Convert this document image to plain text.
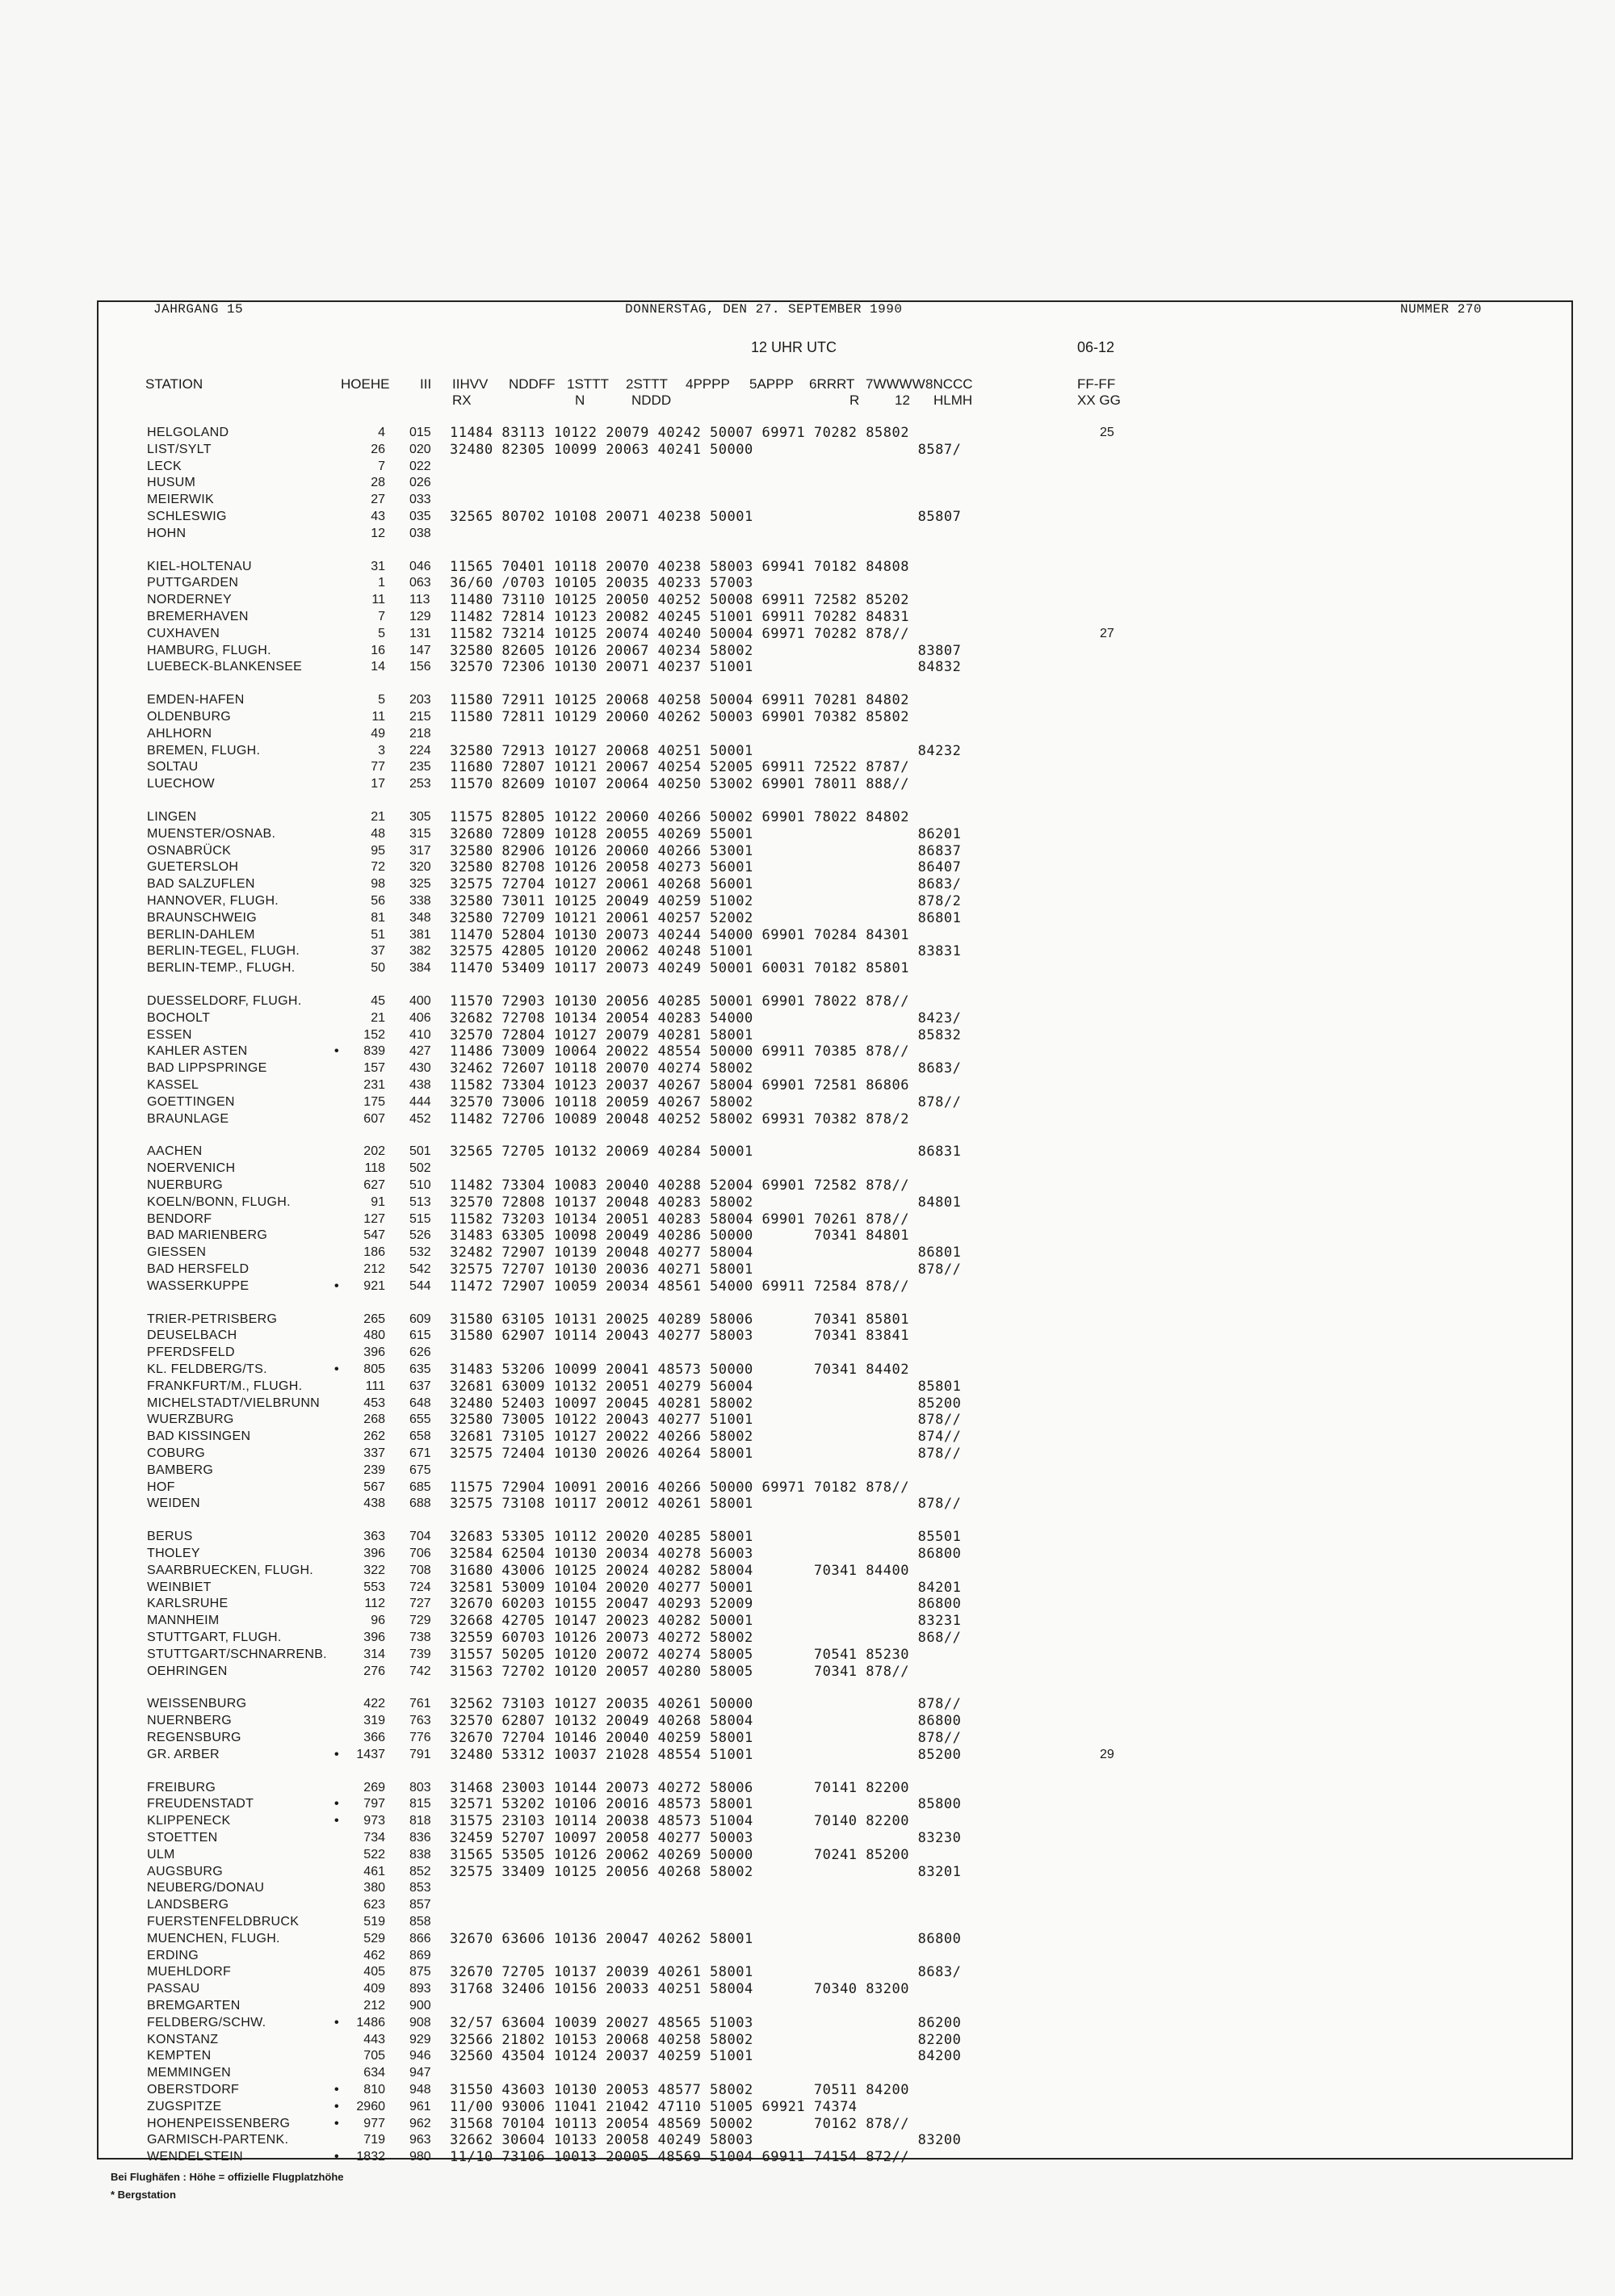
JAHRGANG 15	DONNERSTAG, DEN 27. SEPTEMBER 1990	NUMMER 270
12 UHR UTC	06-12
STATION	HOEHE III IIHVV NDDFF 1STTT 2STTT 4PPPP 5APPP 6RRRT 7WWWW 8NCCC	FF-FF
RX	N	NDDD	R	12 HLMH	XX GG
HELGOLAND	4 015 11484 83113 10122 20079 40242 50007 69971 70282 85802	25
LIST/SYLT	26 020 32480 82305 10099 20063 40241 50000                   8587/
LECK	7 022
HUSUM	28 026
MEIERWIK	27 033
SCHLESWIG	43 035 32565 80702 10108 20071 40238 50001                   85807
HOHN	12 038
KIEL-HOLTENAU	31 046 11565 70401 10118 20070 40238 58003 69941 70182 84808
PUTTGARDEN	1 063 36/60 /0703 10105 20035 40233 57003
NORDERNEY	11 113 11480 73110 10125 20050 40252 50008 69911 72582 85202
BREMERHAVEN	7 129 11482 72814 10123 20082 40245 51001 69911 70282 84831
CUXHAVEN	5 131 11582 73214 10125 20074 40240 50004 69971 70282 878//	27
HAMBURG, FLUGH.	16 147 32580 82605 10126 20067 40234 58002                   83807
LUEBECK-BLANKENSEE	14 156 32570 72306 10130 20071 40237 51001                   84832
EMDEN-HAFEN	5 203 11580 72911 10125 20068 40258 50004 69911 70281 84802
OLDENBURG	11 215 11580 72811 10129 20060 40262 50003 69901 70382 85802
AHLHORN	49 218
BREMEN, FLUGH.	3 224 32580 72913 10127 20068 40251 50001                   84232
SOLTAU	77 235 11680 72807 10121 20067 40254 52005 69911 72522 8787/
LUECHOW	17 253 11570 82609 10107 20064 40250 53002 69901 78011 888//
LINGEN	21 305 11575 82805 10122 20060 40266 50002 69901 78022 84802
MUENSTER/OSNAB.	48 315 32680 72809 10128 20055 40269 55001                   86201
OSNABRÜCK	95 317 32580 82906 10126 20060 40266 53001                   86837
GUETERSLOH	72 320 32580 82708 10126 20058 40273 56001                   86407
BAD SALZUFLEN	98 325 32575 72704 10127 20061 40268 56001                   8683/
HANNOVER, FLUGH.	56 338 32580 73011 10125 20049 40259 51002                   878/2
BRAUNSCHWEIG	81 348 32580 72709 10121 20061 40257 52002                   86801
BERLIN-DAHLEM	51 381 11470 52804 10130 20073 40244 54000 69901 70284 84301
BERLIN-TEGEL, FLUGH.	37 382 32575 42805 10120 20062 40248 51001                   83831
BERLIN-TEMP., FLUGH.	50 384 11470 53409 10117 20073 40249 50001 60031 70182 85801
DUESSELDORF, FLUGH.	45 400 11570 72903 10130 20056 40285 50001 69901 78022 878//
BOCHOLT	21 406 32682 72708 10134 20054 40283 54000                   8423/
ESSEN	152 410 32570 72804 10127 20079 40281 58001                   85832
KAHLER ASTEN	•	839 427 11486 73009 10064 20022 48554 50000 69911 70385 878//
BAD LIPPSPRINGE	157 430 32462 72607 10118 20070 40274 58002                   8683/
KASSEL	231 438 11582 73304 10123 20037 40267 58004 69901 72581 86806
GOETTINGEN	175 444 32570 73006 10118 20059 40267 58002                   878//
BRAUNLAGE	607 452 11482 72706 10089 20048 40252 58002 69931 70382 878/2
AACHEN	202 501 32565 72705 10132 20069 40284 50001                   86831
NOERVENICH	118 502
NUERBURG	627 510 11482 73304 10083 20040 40288 52004 69901 72582 878//
KOELN/BONN, FLUGH.	91 513 32570 72808 10137 20048 40283 58002                   84801
BENDORF	127 515 11582 73203 10134 20051 40283 58004 69901 70261 878//
BAD MARIENBERG	547 526 31483 63305 10098 20049 40286 50000       70341 84801
GIESSEN	186 532 32482 72907 10139 20048 40277 58004                   86801
BAD HERSFELD	212 542 32575 72707 10130 20036 40271 58001                   878//
WASSERKUPPE	•	921 544 11472 72907 10059 20034 48561 54000 69911 72584 878//
TRIER-PETRISBERG	265 609 31580 63105 10131 20025 40289 58006       70341 85801
DEUSELBACH	480 615 31580 62907 10114 20043 40277 58003       70341 83841
PFERDSFELD	396 626
KL. FELDBERG/TS.	•	805 635 31483 53206 10099 20041 48573 50000       70341 84402
FRANKFURT/M., FLUGH.	111 637 32681 63009 10132 20051 40279 56004                   85801
MICHELSTADT/VIELBRUNN	453 648 32480 52403 10097 20045 40281 58002                   85200
WUERZBURG	268 655 32580 73005 10122 20043 40277 51001                   878//
BAD KISSINGEN	262 658 32681 73105 10127 20022 40266 58002                   874//
COBURG	337 671 32575 72404 10130 20026 40264 58001                   878//
BAMBERG	239 675
HOF	567 685 11575 72904 10091 20016 40266 50000 69971 70182 878//
WEIDEN	438 688 32575 73108 10117 20012 40261 58001                   878//
BERUS	363 704 32683 53305 10112 20020 40285 58001                   85501
THOLEY	396 706 32584 62504 10130 20034 40278 56003                   86800
SAARBRUECKEN, FLUGH.	322 708 31680 43006 10125 20024 40282 58004       70341 84400
WEINBIET	553 724 32581 53009 10104 20020 40277 50001                   84201
KARLSRUHE	112 727 32670 60203 10155 20047 40293 52009                   86800
MANNHEIM	96 729 32668 42705 10147 20023 40282 50001                   83231
STUTTGART, FLUGH.	396 738 32559 60703 10126 20073 40272 58002                   868//
STUTTGART/SCHNARRENB.	314 739 31557 50205 10120 20072 40274 58005       70541 85230
OEHRINGEN	276 742 31563 72702 10120 20057 40280 58005       70341 878//
WEISSENBURG	422 761 32562 73103 10127 20035 40261 50000                   878//
NUERNBERG	319 763 32570 62807 10132 20049 40268 58004                   86800
REGENSBURG	366 776 32670 72704 10146 20040 40259 58001                   878//
GR. ARBER	• 1437 791 32480 53312 10037 21028 48554 51001                   85200	29
FREIBURG	269 803 31468 23003 10144 20073 40272 58006       70141 82200
FREUDENSTADT	•	797 815 32571 53202 10106 20016 48573 58001                   85800
KLIPPENECK	•	973 818 31575 23103 10114 20038 48573 51004       70140 82200
STOETTEN	734 836 32459 52707 10097 20058 40277 50003                   83230
ULM	522 838 31565 53505 10126 20062 40269 50000       70241 85200
AUGSBURG	461 852 32575 33409 10125 20056 40268 58002                   83201
NEUBERG/DONAU	380 853
LANDSBERG	623 857
FUERSTENFELDBRUCK	519 858
MUENCHEN, FLUGH.	529 866 32670 63606 10136 20047 40262 58001                   86800
ERDING	462 869
MUEHLDORF	405 875 32670 72705 10137 20039 40261 58001                   8683/
PASSAU	409 893 31768 32406 10156 20033 40251 58004       70340 83200
BREMGARTEN	212 900
FELDBERG/SCHW.	• 1486 908 32/57 63604 10039 20027 48565 51003                   86200
KONSTANZ	443 929 32566 21802 10153 20068 40258 58002                   82200
KEMPTEN	705 946 32560 43504 10124 20037 40259 51001                   84200
MEMMINGEN	634 947
OBERSTDORF	•	810 948 31550 43603 10130 20053 48577 58002       70511 84200
ZUGSPITZE	• 2960 961 11/00 93006 11041 21042 47110 51005 69921 74374
HOHENPEISSENBERG	•	977 962 31568 70104 10113 20054 48569 50002       70162 878//
GARMISCH-PARTENK.	719 963 32662 30604 10133 20058 40249 58003                   83200
WENDELSTEIN	• 1832 980 11/10 73106 10013 20005 48569 51004 69911 74154 872//
Bei Flughäfen : Höhe = offizielle Flugplatzhöhe
* Bergstation
